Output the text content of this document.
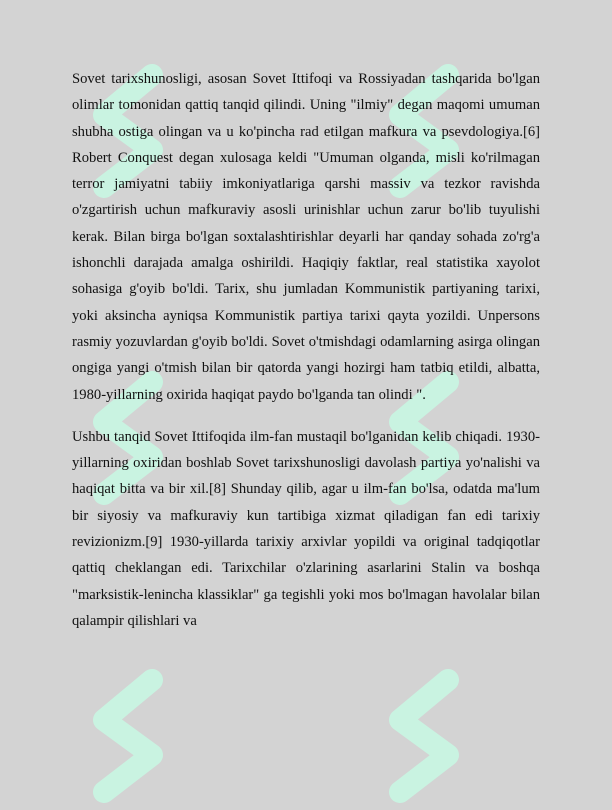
Sovet tarixshunosligi, asosan Sovet Ittifoqi va Rossiyadan tashqarida bo'lgan olimlar tomonidan qattiq tanqid qilindi. Uning "ilmiy" degan maqomi umuman shubha ostiga olingan va u ko'pincha rad etilgan mafkura va psevdologiya.[6] Robert Conquest degan xulosaga keldi "Umuman olganda, misli ko'rilmagan terror jamiyatni tabiiy imkoniyatlariga qarshi massiv va tezkor ravishda o'zgartirish uchun mafkuraviy asosli urinishlar uchun zarur bo'lib tuyulishi kerak. Bilan birga bo'lgan soxtalashtirishlar deyarli har qanday sohada zo'rg'a ishonchli darajada amalga oshirildi. Haqiqiy faktlar, real statistika xayolot sohasiga g'oyib bo'ldi. Tarix, shu jumladan Kommunistik partiyaning tarixi, yoki aksincha ayniqsa Kommunistik partiya tarixi qayta yozildi. Unpersons rasmiy yozuvlardan g'oyib bo'ldi. Sovet o'tmishdagi odamlarning asirga olingan ongiga yangi o'tmish bilan bir qatorda yangi hozirgi ham tatbiq etildi, albatta, 1980-yillarning oxirida haqiqat paydo bo'lganda tan olindi ".

Ushbu tanqid Sovet Ittifoqida ilm-fan mustaqil bo'lganidan kelib chiqadi. 1930-yillarning oxiridan boshlab Sovet tarixshunosligi davolash partiya yo'nalishi va haqiqat bitta va bir xil.[8] Shunday qilib, agar u ilm-fan bo'lsa, odatda ma'lum bir siyosiy va mafkuraviy kun tartibiga xizmat qiladigan fan edi tarixiy revizionizm.[9] 1930-yillarda tarixiy arxivlar yopildi va original tadqiqotlar qattiq cheklangan edi. Tarixchilar o'zlarining asarlarini Stalin va boshqa "marksistik-lenincha klassiklar" ga tegishli yoki mos bo'lmagan havolalar bilan qalampir qilishlari va
